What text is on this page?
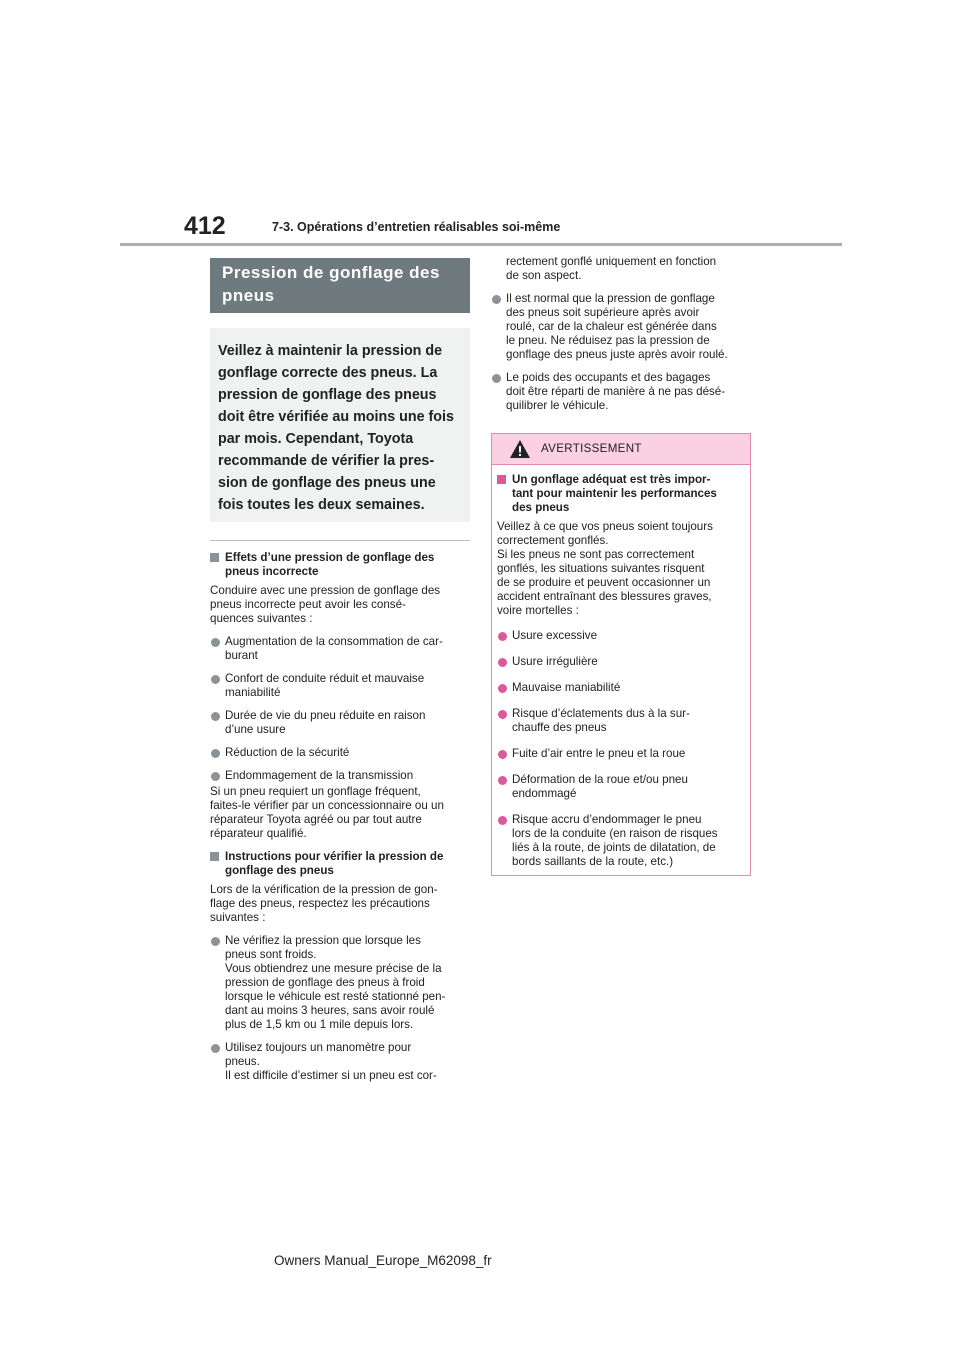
412	7-3. Opérations d’entretien réalisables soi-même
Pression de gonflage des
pneus
Veillez à maintenir la pression de
gonflage correcte des pneus. La
pression de gonflage des pneus
doit être vérifiée au moins une fois
par mois. Cependant, Toyota
recommande de vérifier la pres-
sion de gonflage des pneus une
fois toutes les deux semaines.
Effets d’une pression de gonflage des
pneus incorrecte
Conduire avec une pression de gonflage des
pneus incorrecte peut avoir les consé-
quences suivantes :
Augmentation de la consommation de car-
burant
Confort de conduite réduit et mauvaise
maniabilité
Durée de vie du pneu réduite en raison
d’une usure
Réduction de la sécurité
Endommagement de la transmission
Si un pneu requiert un gonflage fréquent,
faites-le vérifier par un concessionnaire ou un
réparateur Toyota agréé ou par tout autre
réparateur qualifié.
Instructions pour vérifier la pression de
gonflage des pneus
Lors de la vérification de la pression de gon-
flage des pneus, respectez les précautions
suivantes :
Ne vérifiez la pression que lorsque les
pneus sont froids.
Vous obtiendrez une mesure précise de la
pression de gonflage des pneus à froid
lorsque le véhicule est resté stationné pen-
dant au moins 3 heures, sans avoir roulé
plus de 1,5 km ou 1 mile depuis lors.
Utilisez toujours un manomètre pour
pneus.
Il est difficile d’estimer si un pneu est cor-
rectement gonflé uniquement en fonction
de son aspect.
Il est normal que la pression de gonflage
des pneus soit supérieure après avoir
roulé, car de la chaleur est générée dans
le pneu. Ne réduisez pas la pression de
gonflage des pneus juste après avoir roulé.
Le poids des occupants et des bagages
doit être réparti de manière à ne pas désé-
quilibrer le véhicule.
AVERTISSEMENT
Un gonflage adéquat est très impor-
tant pour maintenir les performances
des pneus
Veillez à ce que vos pneus soient toujours
correctement gonflés.
Si les pneus ne sont pas correctement
gonflés, les situations suivantes risquent
de se produire et peuvent occasionner un
accident entraînant des blessures graves,
voire mortelles :
Usure excessive
Usure irrégulière
Mauvaise maniabilité
Risque d’éclatements dus à la sur-
chauffe des pneus
Fuite d’air entre le pneu et la roue
Déformation de la roue et/ou pneu
endommagé
Risque accru d’endommager le pneu
lors de la conduite (en raison de risques
liés à la route, de joints de dilatation, de
bords saillants de la route, etc.)
Owners Manual_Europe_M62098_fr
